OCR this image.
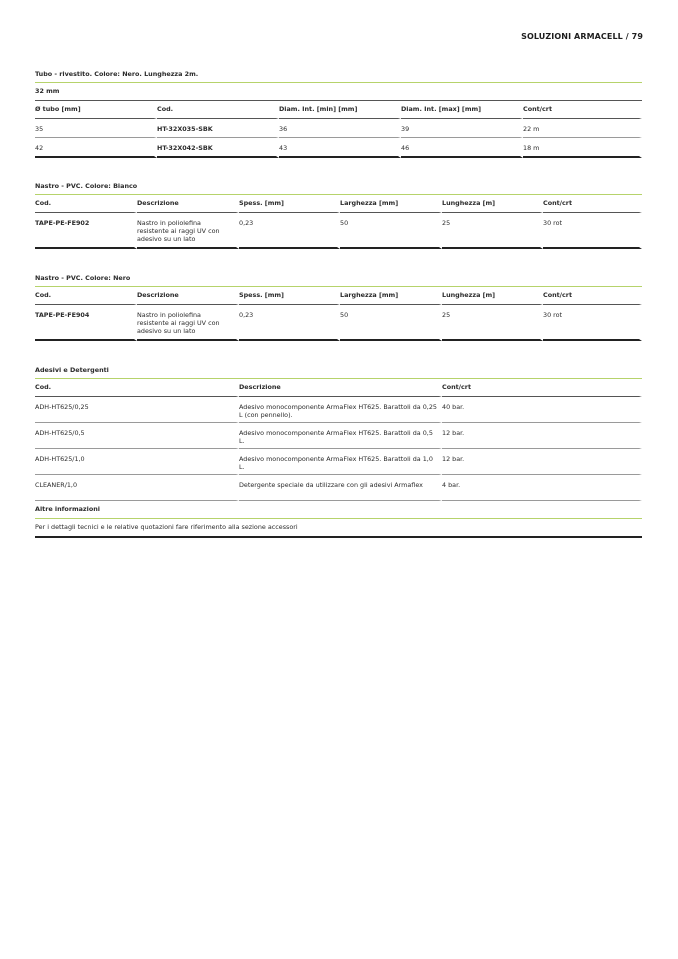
SOLUZIONI ARMACELL / 79
Tubo - rivestito. Colore: Nero. Lunghezza 2m.
32 mm
Ø tubo [mm]	Cod.	Diam. Int. [min] [mm]	Diam. Int. [max] [mm]	Cont/crt
35	HT-32X035-SBK	36	39	22 m
42	HT-32X042-SBK	43	46	18 m
Nastro - PVC. Colore: Bianco
Cod.	Descrizione	Spess. [mm]	Larghezza [mm]	Lunghezza [m]	Cont/crt
TAPE-PE-FE902	Nastro in poliolefina resistente ai raggi UV con adesivo su un lato	0,23	50	25	30 rot
Nastro - PVC. Colore: Nero
Cod.	Descrizione	Spess. [mm]	Larghezza [mm]	Lunghezza [m]	Cont/crt
TAPE-PE-FE904	Nastro in poliolefina resistente ai raggi UV con adesivo su un lato	0,23	50	25	30 rot
Adesivi e Detergenti
Cod.	Descrizione	Cont/crt
ADH-HT625/0,25	Adesivo monocomponente ArmaFlex HT625. Barattoli da 0,25 L (con pennello).	40 bar.
ADH-HT625/0,5	Adesivo monocomponente ArmaFlex HT625. Barattoli da 0,5 L.	12 bar.
ADH-HT625/1,0	Adesivo monocomponente ArmaFlex HT625. Barattoli da 1,0 L.	12 bar.
CLEANER/1,0	Detergente speciale da utilizzare con gli adesivi Armaflex	4 bar.
Altre informazioni
Per i dettagli tecnici e le relative quotazioni fare riferimento alla sezione accessori
